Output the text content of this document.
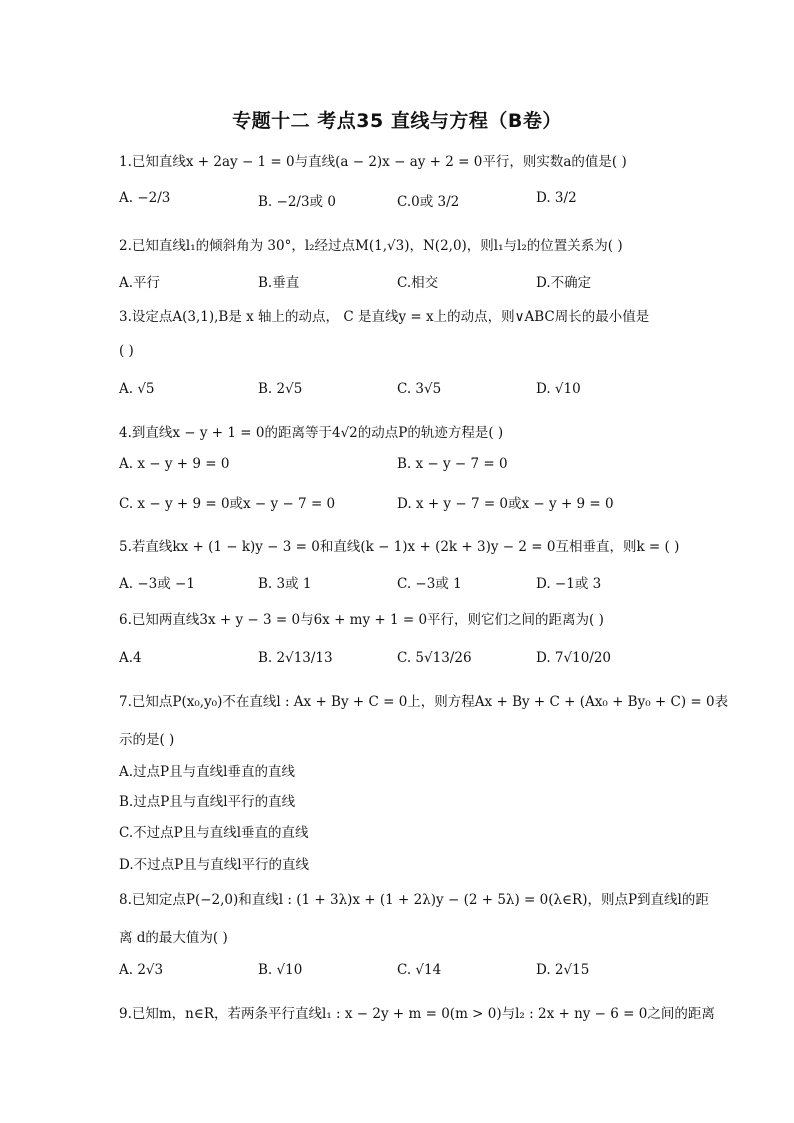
专题十二 考点35 直线与方程（B卷）
1.已知直线x + 2ay − 1 = 0与直线(a − 2)x − ay + 2 = 0平行，则实数a的值是( )
A. −2/3	B. −2/3或 0	C.0或 3/2	D. 3/2
2.已知直线l₁的倾斜角为 30°，l₂经过点M(1,√3)，N(2,0)，则l₁与l₂的位置关系为( )
A.平行	B.垂直	C.相交	D.不确定
3.设定点A(3,1),B是 x 轴上的动点， C 是直线y = x上的动点，则∨ABC周长的最小值是
( )
A. √5	B. 2√5	C. 3√5	D. √10
4.到直线x − y + 1 = 0的距离等于4√2的动点P的轨迹方程是( )
A. x − y + 9 = 0	B. x − y − 7 = 0
C. x − y + 9 = 0或x − y − 7 = 0	D. x + y − 7 = 0或x − y + 9 = 0
5.若直线kx + (1 − k)y − 3 = 0和直线(k − 1)x + (2k + 3)y − 2 = 0互相垂直，则k = ( )
A. −3或 −1	B. 3或 1	C. −3或 1	D. −1或 3
6.已知两直线3x + y − 3 = 0与6x + my + 1 = 0平行，则它们之间的距离为( )
A.4	B. 2√13/13	C. 5√13/26	D. 7√10/20
7.已知点P(x₀,y₀)不在直线l : Ax + By + C = 0上，则方程Ax + By + C + (Ax₀ + By₀ + C) = 0表
示的是( )
A.过点P且与直线l垂直的直线
B.过点P且与直线l平行的直线
C.不过点P且与直线l垂直的直线
D.不过点P且与直线l平行的直线
8.已知定点P(−2,0)和直线l : (1 + 3λ)x + (1 + 2λ)y − (2 + 5λ) = 0(λ∈R)，则点P到直线l的距
离 d的最大值为( )
A. 2√3	B. √10	C. √14	D. 2√15
9.已知m，n∈R，若两条平行直线l₁ : x − 2y + m = 0(m > 0)与l₂ : 2x + ny − 6 = 0之间的距离
